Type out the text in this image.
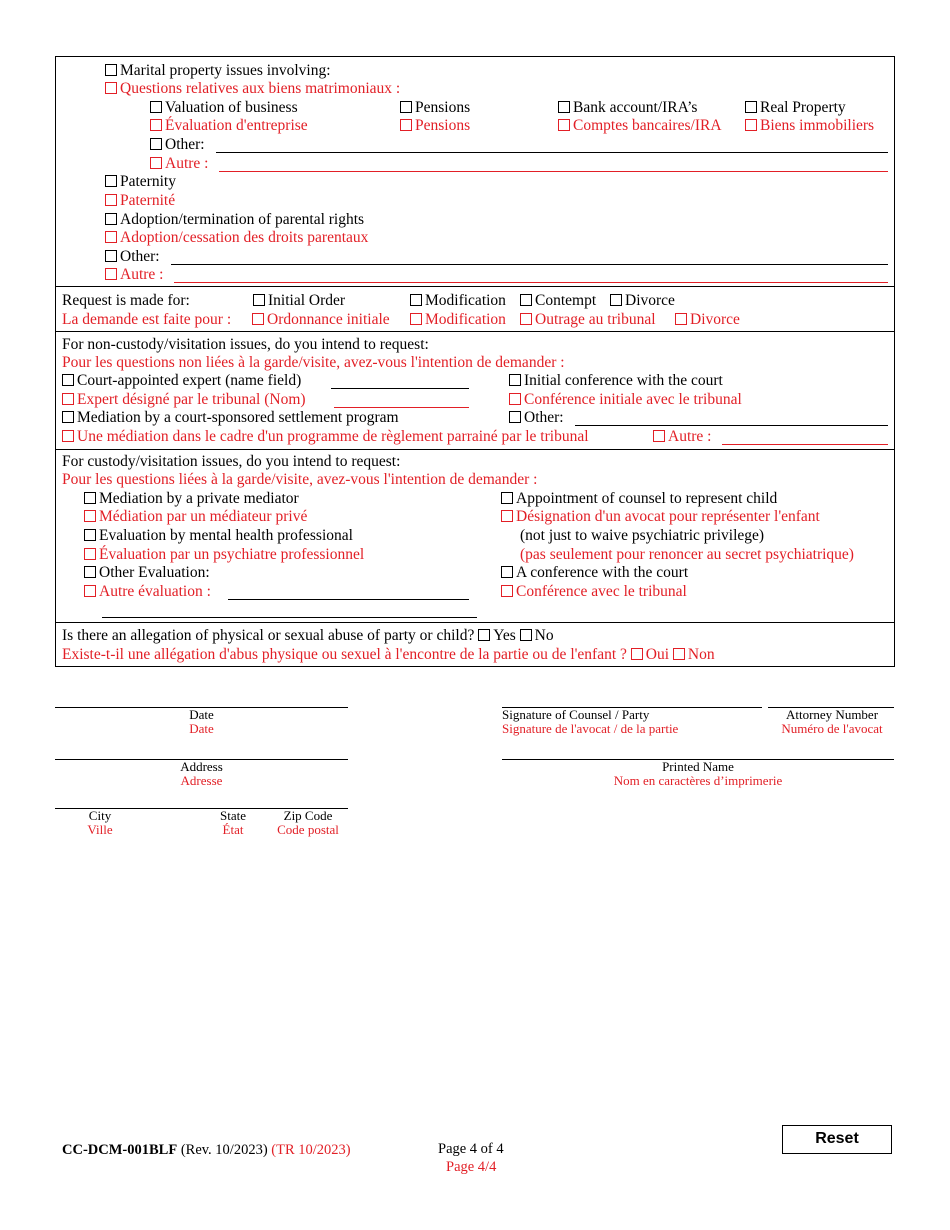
Marital property issues involving:
Questions relatives aux biens matrimoniaux :
Valuation of business
Évaluation d'entreprise
Pensions
Pensions
Bank account/IRA’s
Comptes bancaires/IRA
Real Property
Biens immobiliers
Other:
Autre :
Paternity
Paternité
Adoption/termination of parental rights
Adoption/cessation des droits parentaux
Other:
Autre :
Request is made for:
La demande est faite pour :
Initial Order
Ordonnance initiale
Modification
Modification
Contempt
Outrage au tribunal
Divorce
Divorce
For non-custody/visitation issues, do you intend to request:
Pour les questions non liées à la garde/visite, avez-vous l'intention de demander :
Court-appointed expert (name field)
Expert désigné par le tribunal (Nom)
Initial conference with the court
Conférence initiale avec le tribunal
Mediation by a court-sponsored settlement program
Une médiation dans le cadre d'un programme de règlement parrainé par le tribunal
Other:
Autre :
For custody/visitation issues, do you intend to request:
Pour les questions liées à la garde/visite, avez-vous l'intention de demander :
Mediation by a private mediator
Médiation par un médiateur privé
Evaluation by mental health professional
Évaluation par un psychiatre professionnel
Other Evaluation:
Autre évaluation :
Appointment of counsel to represent child
Désignation d'un avocat pour représenter l'enfant
(not just to waive psychiatric privilege)
(pas seulement pour renoncer au secret psychiatrique)
A conference with the court
Conférence avec le tribunal
Is there an allegation of physical or sexual abuse of party or child? Yes No
Existe-t-il une allégation d'abus physique ou sexuel à l'encontre de la partie ou de l'enfant ? Oui Non
Date
Date
Signature of Counsel / Party
Signature de l'avocat / de la partie
Attorney Number
Numéro de l'avocat
Address
Adresse
Printed Name
Nom en caractères d’imprimerie
City
Ville
State
État
Zip Code
Code postal
CC-DCM-001BLF (Rev. 10/2023) (TR 10/2023)	Page 4 of 4
Page 4/4
Reset
